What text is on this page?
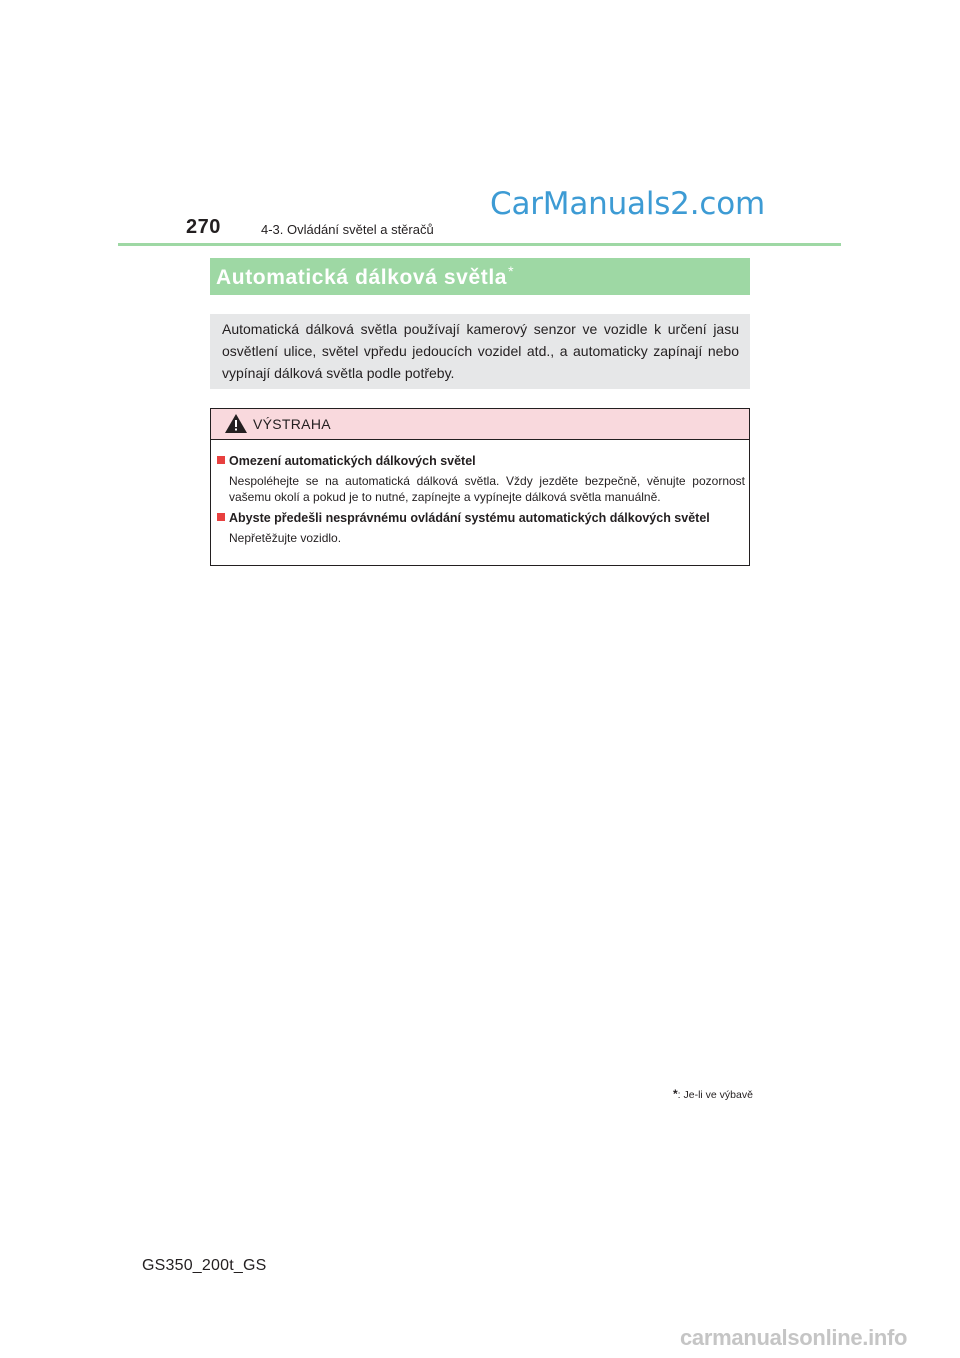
270	4-3. Ovládání světel a stěračů
CarManuals2.com
Automatická dálková světla*
Automatická dálková světla používají kamerový senzor ve vozidle k určení jasu osvětlení ulice, světel vpředu jedoucích vozidel atd., a automaticky zapínají nebo vypínají dálková světla podle potřeby.
VÝSTRAHA
Omezení automatických dálkových světel
Nespoléhejte se na automatická dálková světla. Vždy jezděte bezpečně, věnujte pozornost vašemu okolí a pokud je to nutné, zapínejte a vypínejte dálková světla manuálně.
Abyste předešli nesprávnému ovládání systému automatických dálkových světel
Nepřetěžujte vozidlo.
*: Je-li ve výbavě
GS350_200t_GS
carmanualsonline.info
